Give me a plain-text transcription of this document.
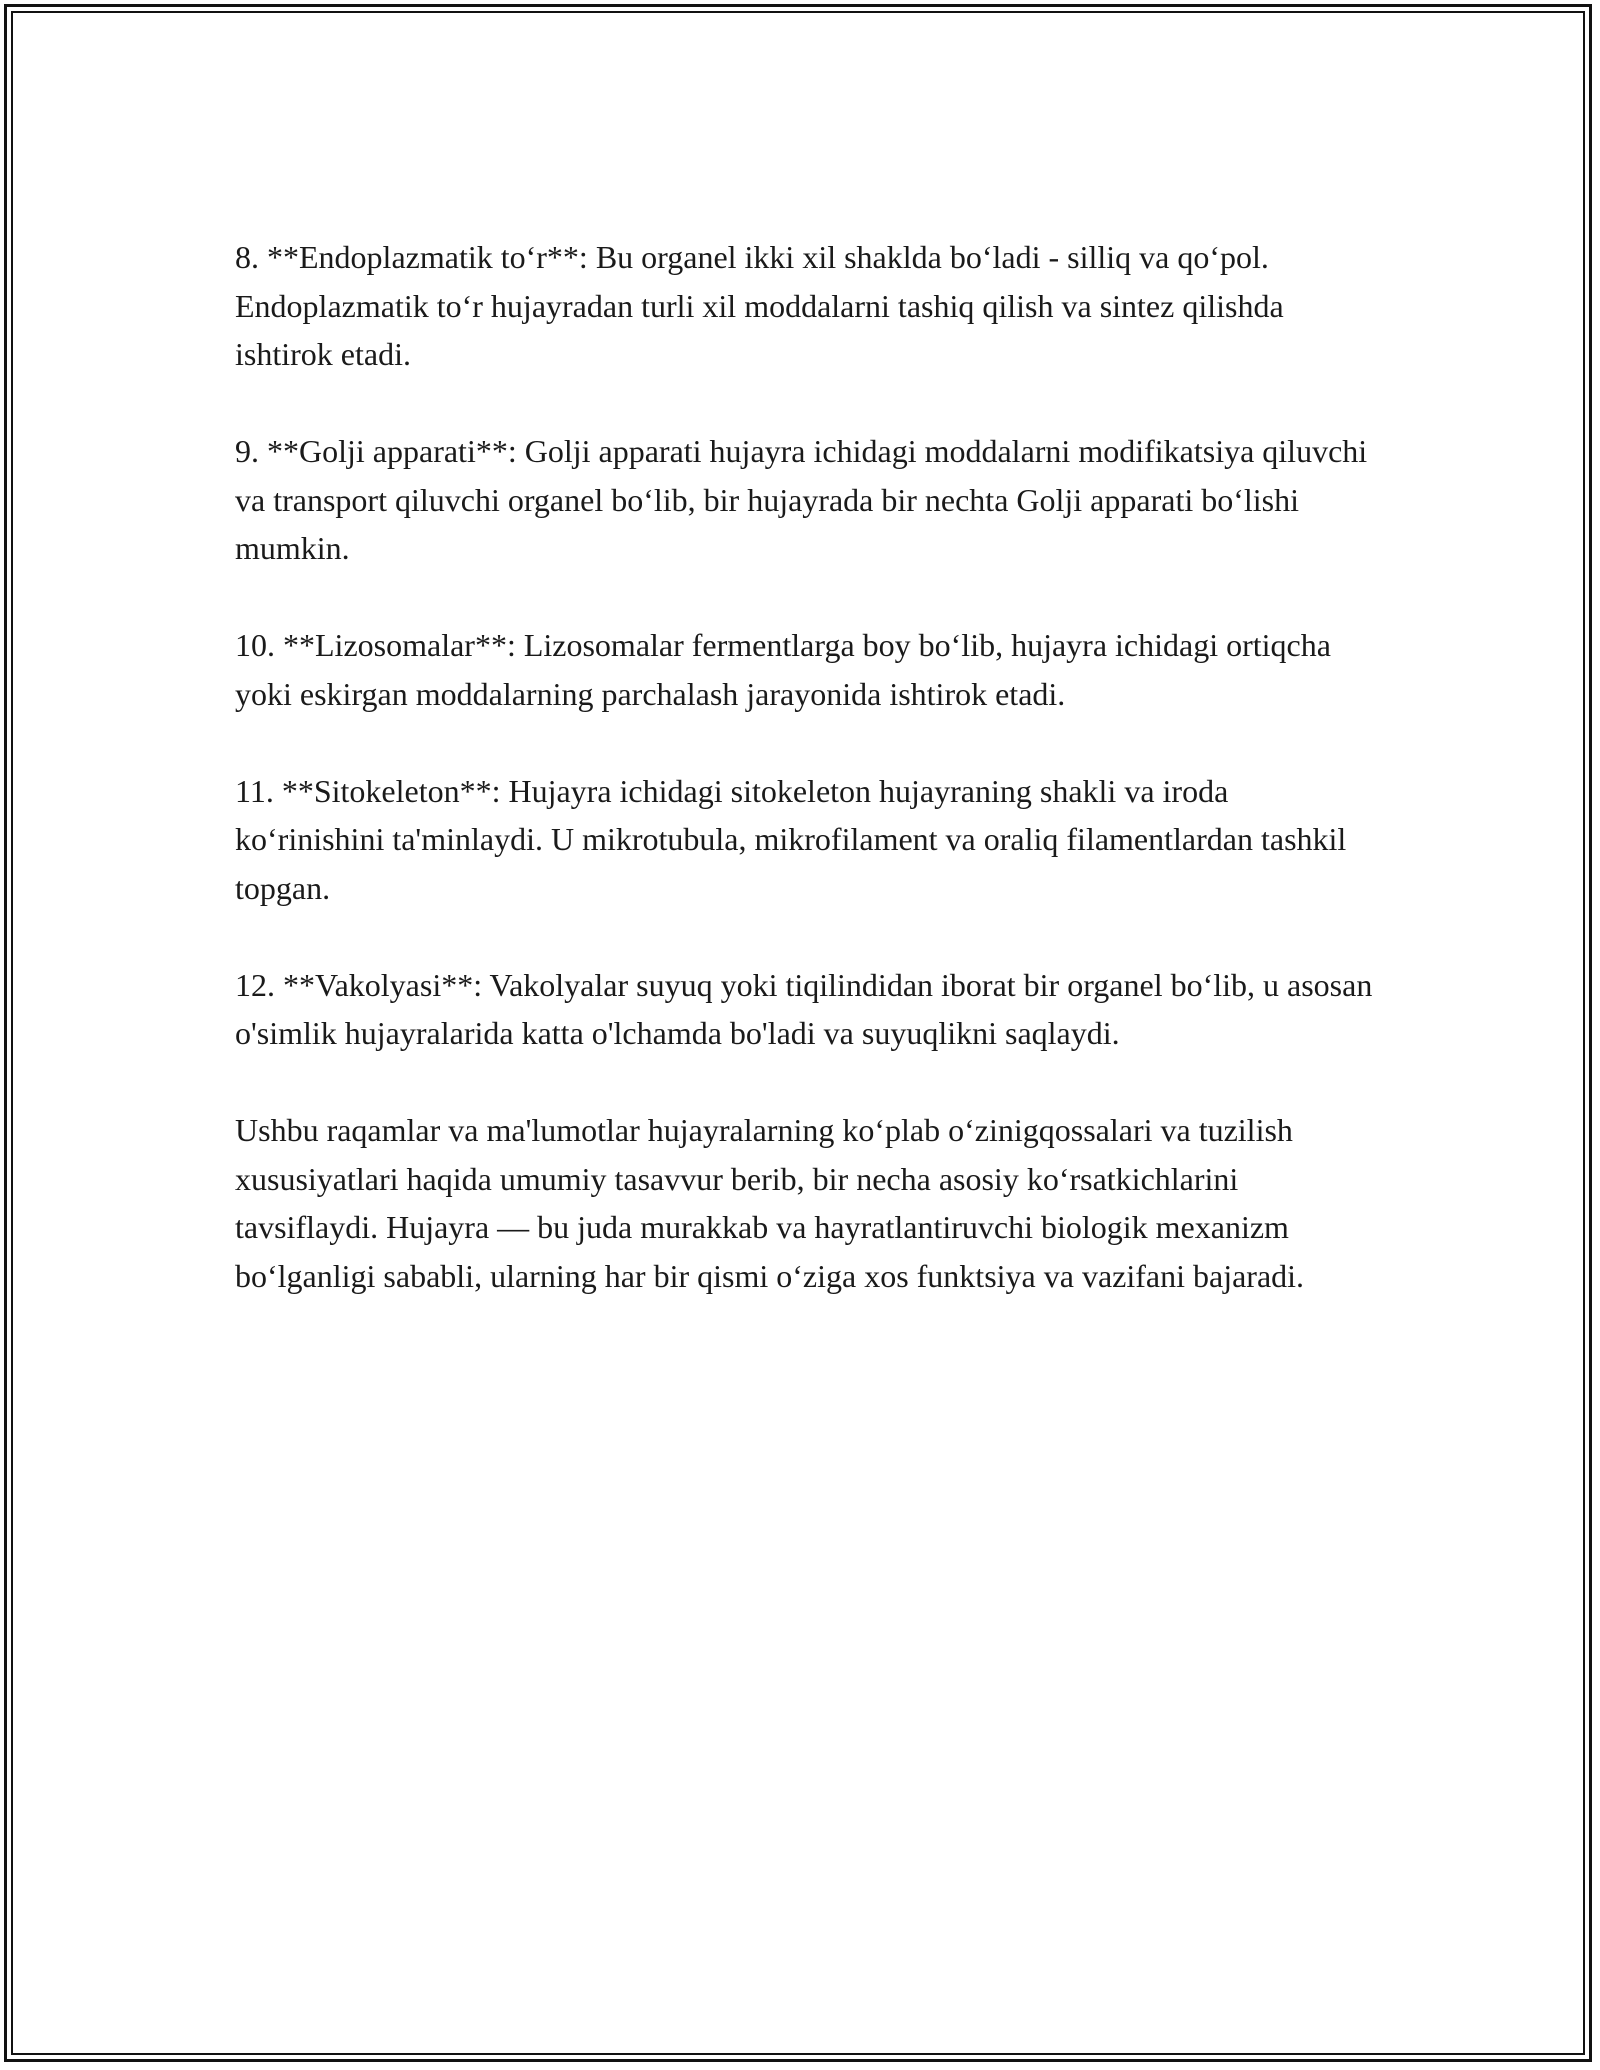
8. **Endoplazmatik to‘r**: Bu organel ikki xil shaklda bo‘ladi - silliq va qo‘pol. Endoplazmatik to‘r hujayradan turli xil moddalarni tashiq qilish va sintez qilishda ishtirok etadi.

9. **Golji apparati**: Golji apparati hujayra ichidagi moddalarni modifikatsiya qiluvchi va transport qiluvchi organel bo‘lib, bir hujayrada bir nechta Golji apparati bo‘lishi mumkin.

10. **Lizosomalar**: Lizosomalar fermentlarga boy bo‘lib, hujayra ichidagi ortiqcha yoki eskirgan moddalarning parchalash jarayonida ishtirok etadi.

11. **Sitokeleton**: Hujayra ichidagi sitokeleton hujayraning shakli va iroda ko‘rinishini ta'minlaydi. U mikrotubula, mikrofilament va oraliq filamentlardan tashkil topgan.

12. **Vakolyasi**: Vakolyalar suyuq yoki tiqilindidan iborat bir organel bo‘lib, u asosan o'simlik hujayralarida katta o'lchamda bo'ladi va suyuqlikni saqlaydi.

Ushbu raqamlar va ma'lumotlar hujayralarning ko‘plab o‘zinigqossalari va tuzilish xususiyatlari haqida umumiy tasavvur berib, bir necha asosiy ko‘rsatkichlarini tavsiflaydi. Hujayra — bu juda murakkab va hayratlantiruvchi biologik mexanizm bo‘lganligi sababli, ularning har bir qismi o‘ziga xos funktsiya va vazifani bajaradi.
